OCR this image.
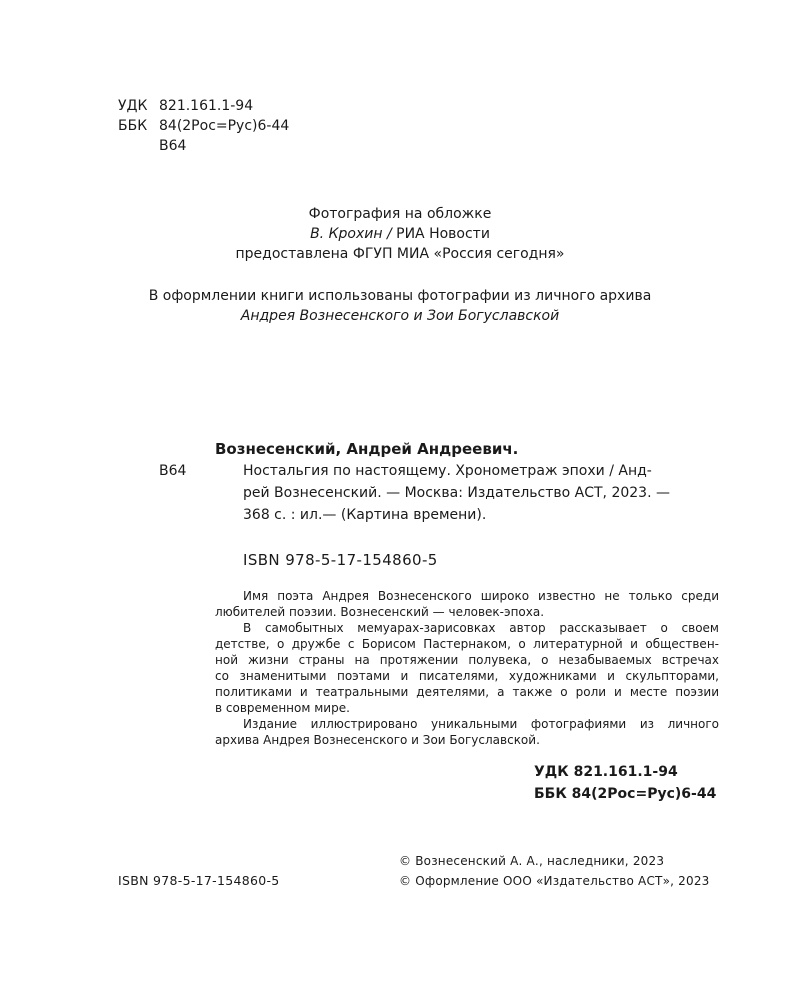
УДК 821.161.1-94
ББК 84(2Рос=Рус)6-44
В64
Фотография на обложке
В. Крохин / РИА Новости
предоставлена ФГУП МИА «Россия сегодня»
В оформлении книги использованы фотографии из личного архива
Андрея Вознесенского и Зои Богуславской
Вознесенский, Андрей Андреевич.
В64	Ностальгия по настоящему. Хронометраж эпохи / Анд-
рей Вознесенский. — Москва: Издательство АСТ, 2023. —
368 с. : ил.— (Картина времени).
ISBN 978-5-17-154860-5
Имя поэта Андрея Вознесенского широко известно не только среди
любителей поэзии. Вознесенский — человек-эпоха.
В самобытных мемуарах-зарисовках автор рассказывает о своем
детстве, о дружбе с Борисом Пастернаком, о литературной и обществен-
ной жизни страны на протяжении полувека, о незабываемых встречах
со знаменитыми поэтами и писателями, художниками и скульпторами,
политиками и театральными деятелями, а также о роли и месте поэзии
в современном мире.
Издание иллюстрировано уникальными фотографиями из личного
архива Андрея Вознесенского и Зои Богуславской.
УДК 821.161.1-94
ББК 84(2Рос=Рус)6-44
© Вознесенский А. А., наследники, 2023
© Оформление ООО «Издательство АСТ», 2023
ISBN 978-5-17-154860-5
